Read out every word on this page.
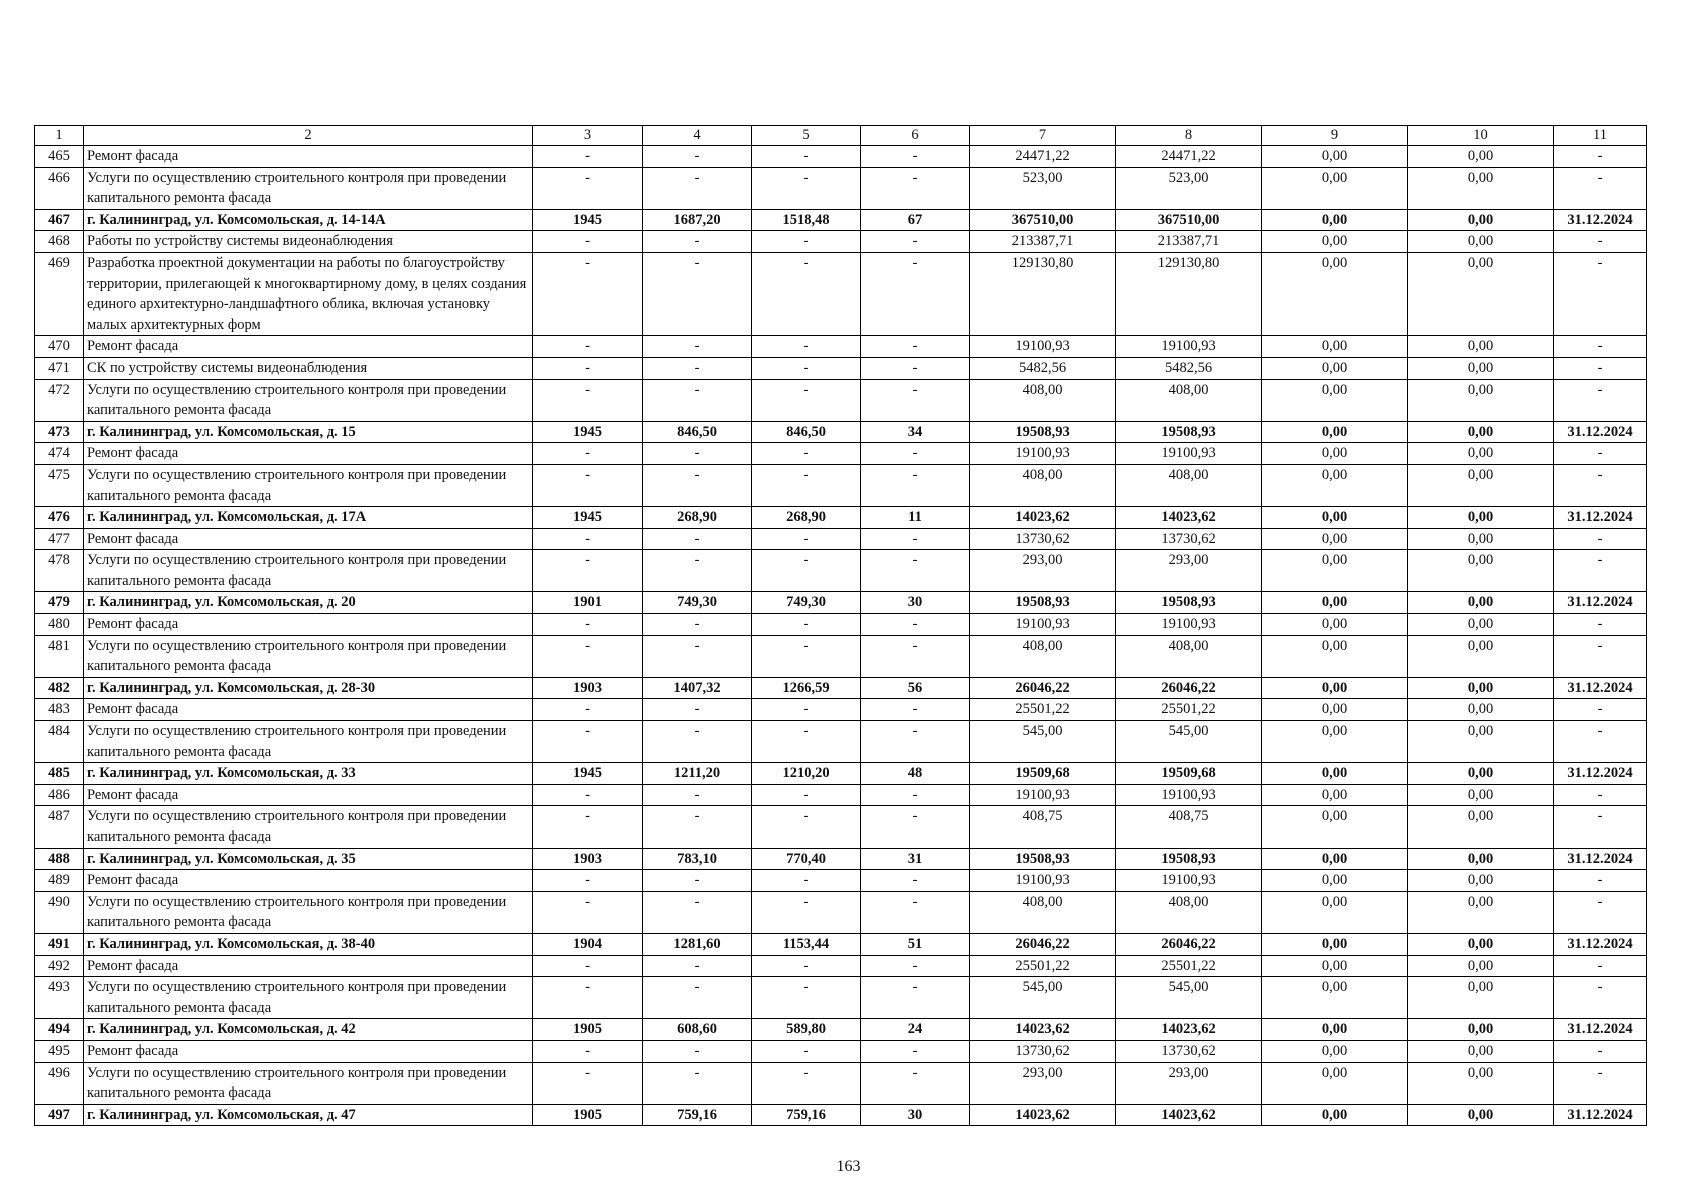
1	2	3	4	5	6	7	8	9	10	11
465	Ремонт фасада	-	-	-	-	24471,22	24471,22	0,00	0,00	-
466	Услуги по осуществлению строительного контроля при проведении капитального ремонта фасада	-	-	-	-	523,00	523,00	0,00	0,00	-
467	г. Калининград, ул. Комсомольская, д. 14-14А	1945	1687,20	1518,48	67	367510,00	367510,00	0,00	0,00	31.12.2024
468	Работы по устройству системы видеонаблюдения	-	-	-	-	213387,71	213387,71	0,00	0,00	-
469	Разработка проектной документации на работы по благоустройству территории, прилегающей к многоквартирному дому, в целях создания единого архитектурно-ландшафтного облика, включая установку малых архитектурных форм	-	-	-	-	129130,80	129130,80	0,00	0,00	-
470	Ремонт фасада	-	-	-	-	19100,93	19100,93	0,00	0,00	-
471	СК по устройству системы видеонаблюдения	-	-	-	-	5482,56	5482,56	0,00	0,00	-
472	Услуги по осуществлению строительного контроля при проведении капитального ремонта фасада	-	-	-	-	408,00	408,00	0,00	0,00	-
473	г. Калининград, ул. Комсомольская, д. 15	1945	846,50	846,50	34	19508,93	19508,93	0,00	0,00	31.12.2024
474	Ремонт фасада	-	-	-	-	19100,93	19100,93	0,00	0,00	-
475	Услуги по осуществлению строительного контроля при проведении капитального ремонта фасада	-	-	-	-	408,00	408,00	0,00	0,00	-
476	г. Калининград, ул. Комсомольская, д. 17А	1945	268,90	268,90	11	14023,62	14023,62	0,00	0,00	31.12.2024
477	Ремонт фасада	-	-	-	-	13730,62	13730,62	0,00	0,00	-
478	Услуги по осуществлению строительного контроля при проведении капитального ремонта фасада	-	-	-	-	293,00	293,00	0,00	0,00	-
479	г. Калининград, ул. Комсомольская, д. 20	1901	749,30	749,30	30	19508,93	19508,93	0,00	0,00	31.12.2024
480	Ремонт фасада	-	-	-	-	19100,93	19100,93	0,00	0,00	-
481	Услуги по осуществлению строительного контроля при проведении капитального ремонта фасада	-	-	-	-	408,00	408,00	0,00	0,00	-
482	г. Калининград, ул. Комсомольская, д. 28-30	1903	1407,32	1266,59	56	26046,22	26046,22	0,00	0,00	31.12.2024
483	Ремонт фасада	-	-	-	-	25501,22	25501,22	0,00	0,00	-
484	Услуги по осуществлению строительного контроля при проведении капитального ремонта фасада	-	-	-	-	545,00	545,00	0,00	0,00	-
485	г. Калининград, ул. Комсомольская, д. 33	1945	1211,20	1210,20	48	19509,68	19509,68	0,00	0,00	31.12.2024
486	Ремонт фасада	-	-	-	-	19100,93	19100,93	0,00	0,00	-
487	Услуги по осуществлению строительного контроля при проведении капитального ремонта фасада	-	-	-	-	408,75	408,75	0,00	0,00	-
488	г. Калининград, ул. Комсомольская, д. 35	1903	783,10	770,40	31	19508,93	19508,93	0,00	0,00	31.12.2024
489	Ремонт фасада	-	-	-	-	19100,93	19100,93	0,00	0,00	-
490	Услуги по осуществлению строительного контроля при проведении капитального ремонта фасада	-	-	-	-	408,00	408,00	0,00	0,00	-
491	г. Калининград, ул. Комсомольская, д. 38-40	1904	1281,60	1153,44	51	26046,22	26046,22	0,00	0,00	31.12.2024
492	Ремонт фасада	-	-	-	-	25501,22	25501,22	0,00	0,00	-
493	Услуги по осуществлению строительного контроля при проведении капитального ремонта фасада	-	-	-	-	545,00	545,00	0,00	0,00	-
494	г. Калининград, ул. Комсомольская, д. 42	1905	608,60	589,80	24	14023,62	14023,62	0,00	0,00	31.12.2024
495	Ремонт фасада	-	-	-	-	13730,62	13730,62	0,00	0,00	-
496	Услуги по осуществлению строительного контроля при проведении капитального ремонта фасада	-	-	-	-	293,00	293,00	0,00	0,00	-
497	г. Калининград, ул. Комсомольская, д. 47	1905	759,16	759,16	30	14023,62	14023,62	0,00	0,00	31.12.2024
163
